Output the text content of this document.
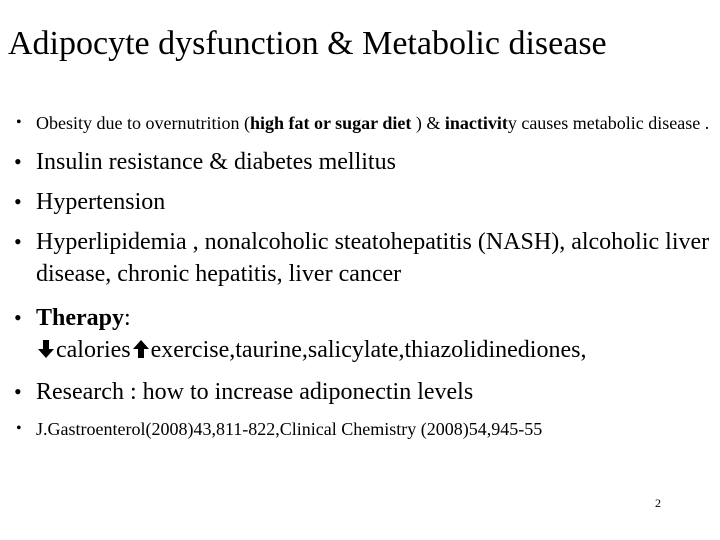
Adipocyte dysfunction & Metabolic disease
• Obesity due to overnutrition (high fat or sugar diet ) & inactivity causes metabolic disease .
• Insulin resistance & diabetes mellitus
• Hypertension
• Hyperlipidemia , nonalcoholic steatohepatitis (NASH), alcoholic liver disease, chronic hepatitis, liver cancer
• Therapy:
calories exercise,taurine,salicylate,thiazolidinediones,
• Research : how to increase adiponectin levels
• J.Gastroenterol(2008)43,811-822,Clinical Chemistry (2008)54,945-55
2
